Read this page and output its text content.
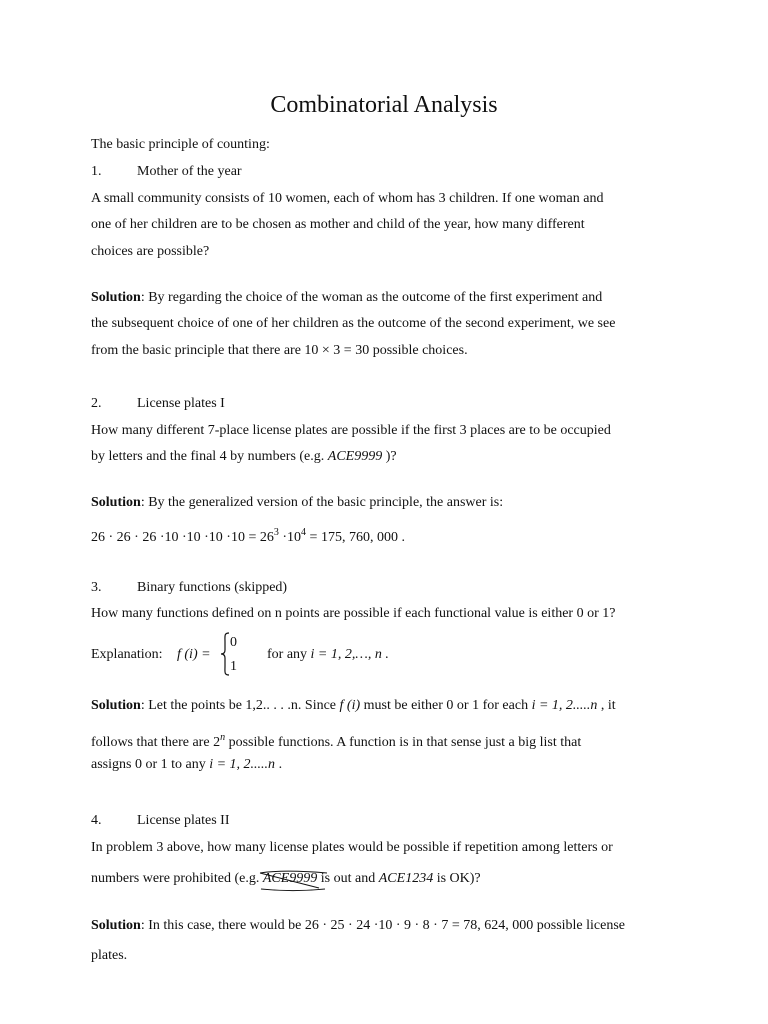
Combinatorial Analysis
The basic principle of counting:
1.	Mother of the year
A small community consists of 10 women, each of whom has 3 children. If one woman and
one of her children are to be chosen as mother and child of the year, how many different
choices are possible?
Solution: By regarding the choice of the woman as the outcome of the first experiment and
the subsequent choice of one of her children as the outcome of the second experiment, we see
from the basic principle that there are 10 × 3 = 30 possible choices.
2.	License plates I
How many different 7-place license plates are possible if the first 3 places are to be occupied
by letters and the final 4 by numbers (e.g. ACE9999 )?
Solution: By the generalized version of the basic principle, the answer is:
$26 \cdot 26 \cdot 26 \cdot 10 \cdot 10 \cdot 10 \cdot 10 = 26^3 \cdot 10^4 = 175$, 760, 000 .
3.	Binary functions (skipped)
How many functions defined on n points are possible if each functional value is either 0 or 1?
Explanation: f (i) =
0
1
for any i = 1, 2,…, n .
Solution: Let the points be 1,2.. . . .n. Since f (i) must be either 0 or 1 for each i = 1, 2.....n , it
follows that there are 2$^n$ possible functions. A function is in that sense just a big list that
assigns 0 or 1 to any i = 1, 2.....n .
4.	License plates II
In problem 3 above, how many license plates would be possible if repetition among letters or
numbers were prohibited (e.g. ACE9999
is out and ACE1234 is OK)?
Solution: In this case, there would be 26 · 25 · 24 ·10 · 9 · 8 · 7 = 78, 624, 000 possible license
plates.
